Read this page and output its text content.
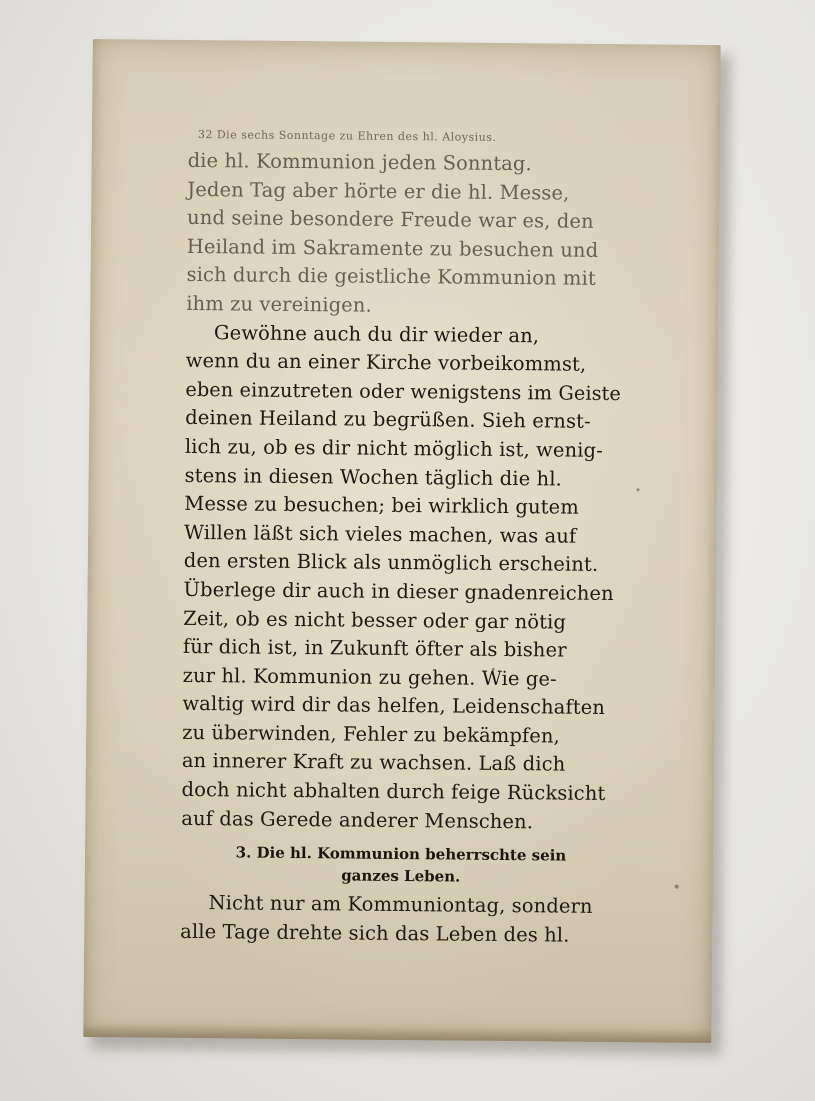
32 Die sechs Sonntage zu Ehren des hl. Aloysius.

die hl. Kommunion jeden Sonntag.
Jeden Tag aber hörte er die hl. Messe,
und seine besondere Freude war es, den
Heiland im Sakramente zu besuchen und
sich durch die geistliche Kommunion mit
ihm zu vereinigen.

Gewöhne auch du dir wieder an,
wenn du an einer Kirche vorbeikommst,
eben einzutreten oder wenigstens im Geiste
deinen Heiland zu begrüßen. Sieh ernst-
lich zu, ob es dir nicht möglich ist, wenig-
stens in diesen Wochen täglich die hl.
Messe zu besuchen; bei wirklich gutem
Willen läßt sich vieles machen, was auf
den ersten Blick als unmöglich erscheint.
Überlege dir auch in dieser gnadenreichen
Zeit, ob es nicht besser oder gar nötig
für dich ist, in Zukunft öfter als bisher
zur hl. Kommunion zu gehen. Wie ge-
waltig wird dir das helfen, Leidenschaften
zu überwinden, Fehler zu bekämpfen,
an innerer Kraft zu wachsen. Laß dich
doch nicht abhalten durch feige Rücksicht
auf das Gerede anderer Menschen.

3. Die hl. Kommunion beherrschte sein
ganzes Leben.

Nicht nur am Kommuniontag, sondern
alle Tage drehte sich das Leben des hl.
